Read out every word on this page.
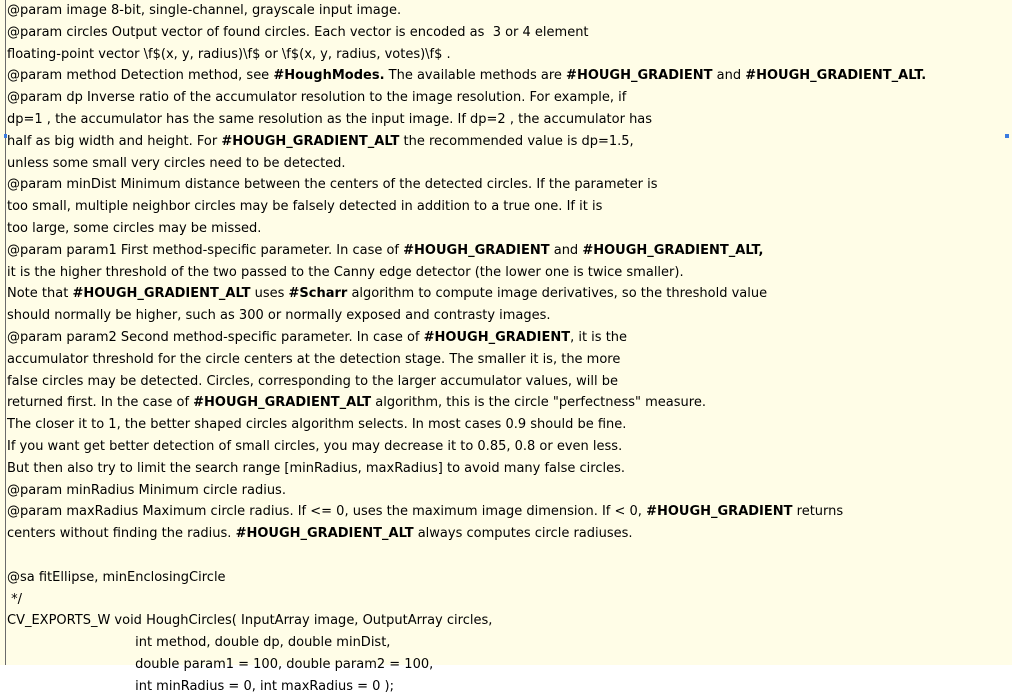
@param image 8-bit, single-channel, grayscale input image.
@param circles Output vector of found circles. Each vector is encoded as  3 or 4 element
floating-point vector \f$(x, y, radius)\f$ or \f$(x, y, radius, votes)\f$ .
@param method Detection method, see #HoughModes. The available methods are #HOUGH_GRADIENT and #HOUGH_GRADIENT_ALT.
@param dp Inverse ratio of the accumulator resolution to the image resolution. For example, if
dp=1 , the accumulator has the same resolution as the input image. If dp=2 , the accumulator has
half as big width and height. For #HOUGH_GRADIENT_ALT the recommended value is dp=1.5,
unless some small very circles need to be detected.
@param minDist Minimum distance between the centers of the detected circles. If the parameter is
too small, multiple neighbor circles may be falsely detected in addition to a true one. If it is
too large, some circles may be missed.
@param param1 First method-specific parameter. In case of #HOUGH_GRADIENT and #HOUGH_GRADIENT_ALT,
it is the higher threshold of the two passed to the Canny edge detector (the lower one is twice smaller).
Note that #HOUGH_GRADIENT_ALT uses #Scharr algorithm to compute image derivatives, so the threshold value
should normally be higher, such as 300 or normally exposed and contrasty images.
@param param2 Second method-specific parameter. In case of #HOUGH_GRADIENT, it is the
accumulator threshold for the circle centers at the detection stage. The smaller it is, the more
false circles may be detected. Circles, corresponding to the larger accumulator values, will be
returned first. In the case of #HOUGH_GRADIENT_ALT algorithm, this is the circle "perfectness" measure.
The closer it to 1, the better shaped circles algorithm selects. In most cases 0.9 should be fine.
If you want get better detection of small circles, you may decrease it to 0.85, 0.8 or even less.
But then also try to limit the search range [minRadius, maxRadius] to avoid many false circles.
@param minRadius Minimum circle radius.
@param maxRadius Maximum circle radius. If <= 0, uses the maximum image dimension. If < 0, #HOUGH_GRADIENT returns
centers without finding the radius. #HOUGH_GRADIENT_ALT always computes circle radiuses.
@sa fitEllipse, minEnclosingCircle
*/
CV_EXPORTS_W void HoughCircles( InputArray image, OutputArray circles,
int method, double dp, double minDist,
double param1 = 100, double param2 = 100,
int minRadius = 0, int maxRadius = 0 );
